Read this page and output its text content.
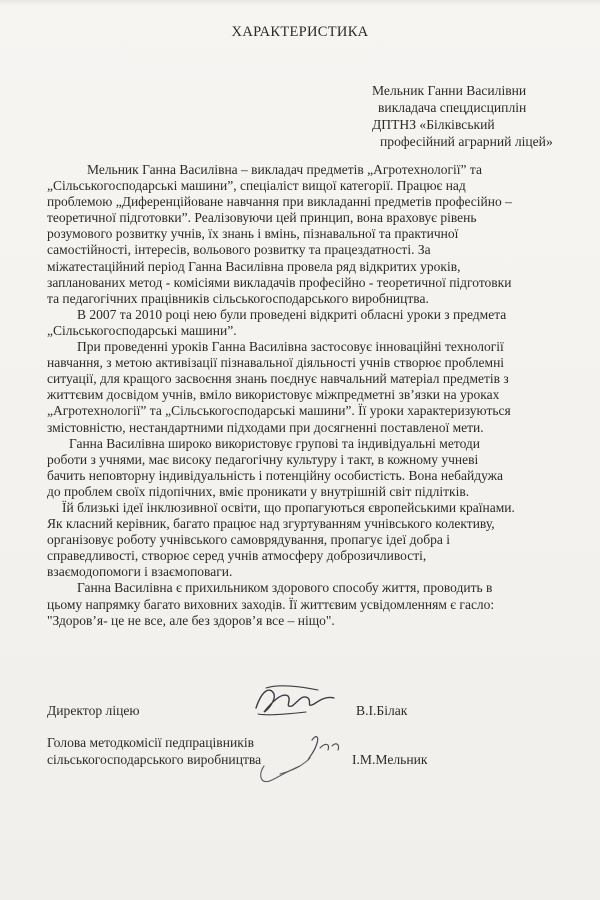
ХАРАКТЕРИСТИКА
Мельник Ганни Василівни
викладача спецдисциплін
ДПТНЗ «Білківський
професійний аграрний ліцей»
Мельник Ганна Василівна – викладач предметів „Агротехнології” та
„Сільськогосподарські машини”, спеціаліст вищої категорії. Працює над
проблемою „Диференційоване навчання при викладанні предметів професійно –
теоретичної підготовки”. Реалізовуючи цей принцип, вона враховує рівень
розумового розвитку учнів, їх знань і вмінь, пізнавальної та практичної
самостійності, інтересів, вольового розвитку та працездатності. За
міжатестаційний період Ганна Василівна провела ряд відкритих уроків,
запланованих метод - комісіями викладачів професійно - теоретичної підготовки
та педагогічних працівників сільськогосподарського виробництва.
В 2007 та 2010 році нею були проведені відкриті обласні уроки з предмета
„Сільськогосподарські машини”.
При проведенні уроків Ганна Василівна застосовує інноваційні технології
навчання, з метою активізації пізнавальної діяльності учнів створює проблемні
ситуації, для кращого засвоєння знань поєднує навчальний матеріал предметів з
життєвим досвідом учнів, вміло використовує міжпредметні зв’язки на уроках
„Агротехнології” та „Сільськогосподарські машини”. Її уроки характеризуються
змістовністю, нестандартними підходами при досягненні поставленої мети.
Ганна Василівна широко використовує групові та індивідуальні методи
роботи з учнями, має високу педагогічну культуру і такт, в кожному учневі
бачить неповторну індивідуальність і потенційну особистість. Вона небайдужа
до проблем своїх підопічних, вміє проникати у внутрішній світ підлітків.
Їй близькі ідеї інклюзивної освіти, що пропагуються європейськими країнами.
Як класний керівник, багато працює над згуртуванням учнівського колективу,
організовує роботу учнівського самоврядування, пропагує ідеї добра і
справедливості, створює серед учнів атмосферу доброзичливості,
взаємодопомоги і взаємоповаги.
Ганна Василівна є прихильником здорового способу життя, проводить в
цьому напрямку багато виховних заходів. Її життєвим усвідомленням є гасло:
"Здоров’я- це не все, але без здоров’я все – ніщо".
Директор ліцею	В.І.Білак
Голова методкомісії педпрацівників
сільськогосподарського виробництва	І.М.Мельник
